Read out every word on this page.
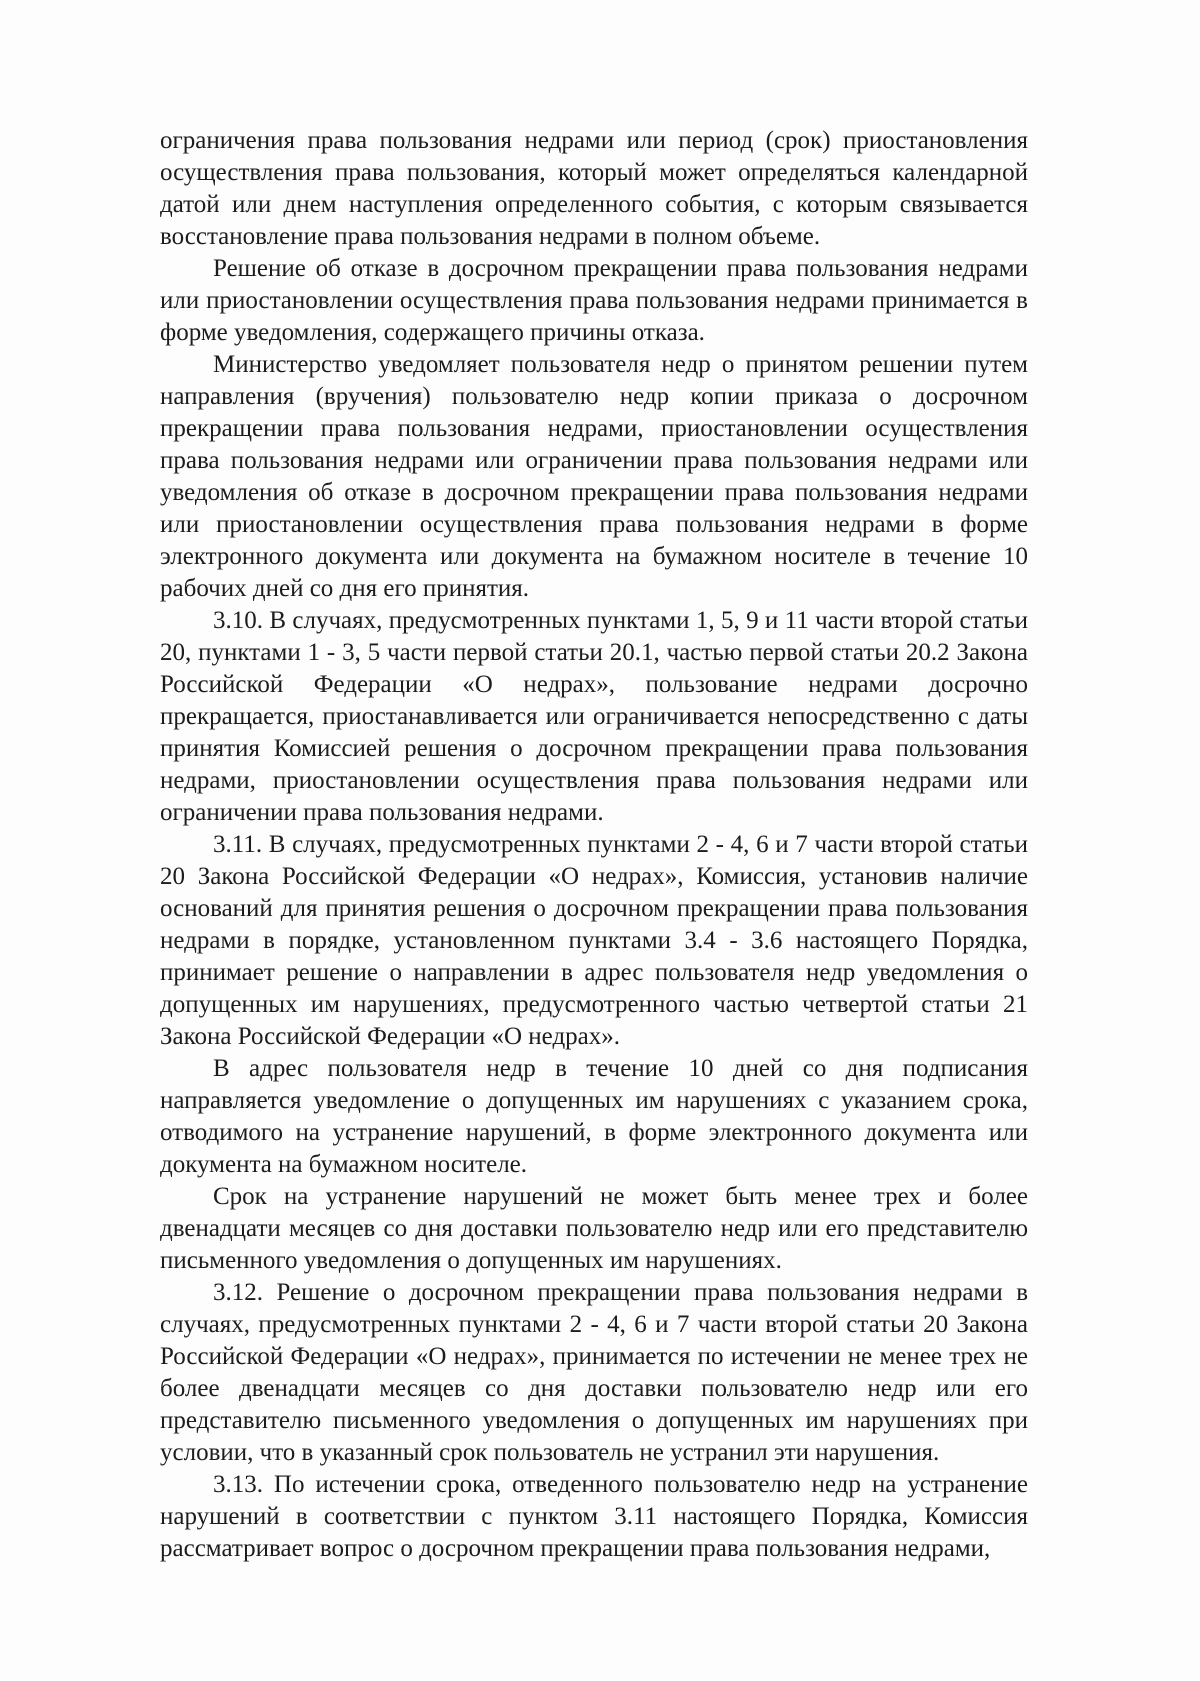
ограничения права пользования недрами или период (срок) приостановления осуществления права пользования, который может определяться календарной датой или днем наступления определенного события, с которым связывается восстановление права пользования недрами в полном объеме.

Решение об отказе в досрочном прекращении права пользования недрами или приостановлении осуществления права пользования недрами принимается в форме уведомления, содержащего причины отказа.

Министерство уведомляет пользователя недр о принятом решении путем направления (вручения) пользователю недр копии приказа о досрочном прекращении права пользования недрами, приостановлении осуществления права пользования недрами или ограничении права пользования недрами или уведомления об отказе в досрочном прекращении права пользования недрами или приостановлении осуществления права пользования недрами в форме электронного документа или документа на бумажном носителе в течение 10 рабочих дней со дня его принятия.

3.10. В случаях, предусмотренных пунктами 1, 5, 9 и 11 части второй статьи 20, пунктами 1 - 3, 5 части первой статьи 20.1, частью первой статьи 20.2 Закона Российской Федерации «О недрах», пользование недрами досрочно прекращается, приостанавливается или ограничивается непосредственно с даты принятия Комиссией решения о досрочном прекращении права пользования недрами, приостановлении осуществления права пользования недрами или ограничении права пользования недрами.

3.11. В случаях, предусмотренных пунктами 2 - 4, 6 и 7 части второй статьи 20 Закона Российской Федерации «О недрах», Комиссия, установив наличие оснований для принятия решения о досрочном прекращении права пользования недрами в порядке, установленном пунктами 3.4 - 3.6 настоящего Порядка, принимает решение о направлении в адрес пользователя недр уведомления о допущенных им нарушениях, предусмотренного частью четвертой статьи 21 Закона Российской Федерации «О недрах».

В адрес пользователя недр в течение 10 дней со дня подписания направляется уведомление о допущенных им нарушениях с указанием срока, отводимого на устранение нарушений, в форме электронного документа или документа на бумажном носителе.

Срок на устранение нарушений не может быть менее трех и более двенадцати месяцев со дня доставки пользователю недр или его представителю письменного уведомления о допущенных им нарушениях.

3.12. Решение о досрочном прекращении права пользования недрами в случаях, предусмотренных пунктами 2 - 4, 6 и 7 части второй статьи 20 Закона Российской Федерации «О недрах», принимается по истечении не менее трех не более двенадцати месяцев со дня доставки пользователю недр или его представителю письменного уведомления о допущенных им нарушениях при условии, что в указанный срок пользователь не устранил эти нарушения.

3.13. По истечении срока, отведенного пользователю недр на устранение нарушений в соответствии с пунктом 3.11 настоящего Порядка, Комиссия рассматривает вопрос о досрочном прекращении права пользования недрами,
